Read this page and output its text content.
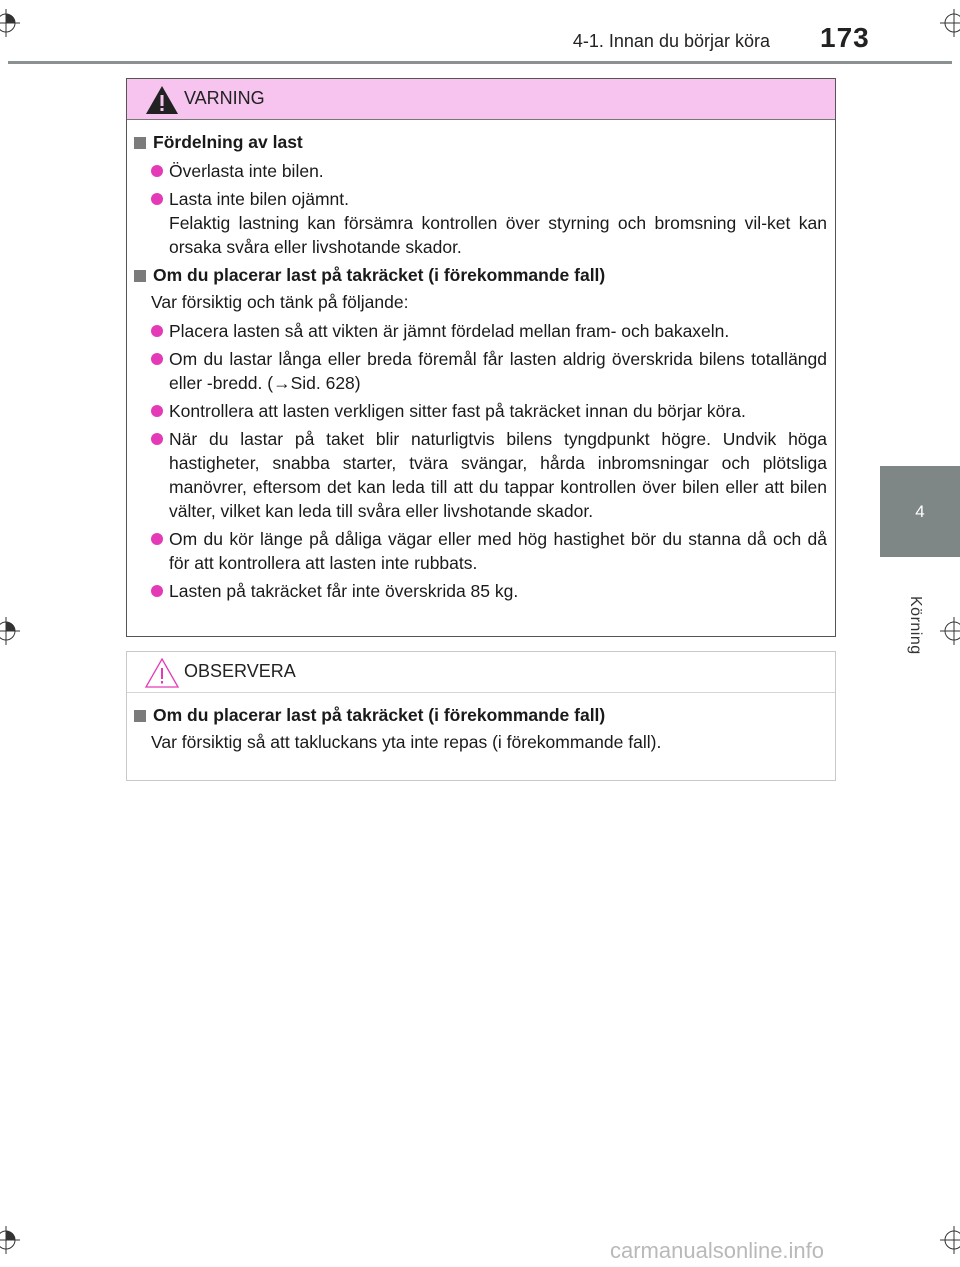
4-1. Innan du börjar köra 173
4
Körning
VARNING
Fördelning av last

Överlasta inte bilen.

Lasta inte bilen ojämnt.

Felaktig lastning kan försämra kontrollen över styrning och bromsning vil-ket kan orsaka svåra eller livshotande skador.

Om du placerar last på takräcket (i förekommande fall)
Var försiktig och tänk på följande:

Placera lasten så att vikten är jämnt fördelad mellan fram- och bakaxeln.

Om du lastar långa eller breda föremål får lasten aldrig överskrida bilens totallängd eller -bredd. (→Sid. 628)

Kontrollera att lasten verkligen sitter fast på takräcket innan du börjar köra.

När du lastar på taket blir naturligtvis bilens tyngdpunkt högre. Undvik höga hastigheter, snabba starter, tvära svängar, hårda inbromsningar och plötsliga manövrer, eftersom det kan leda till att du tappar kontrollen över bilen eller att bilen välter, vilket kan leda till svåra eller livshotande skador.

Om du kör länge på dåliga vägar eller med hög hastighet bör du stanna då och då för att kontrollera att lasten inte rubbats.

Lasten på takräcket får inte överskrida 85 kg.

OBSERVERA
Om du placerar last på takräcket (i förekommande fall)
Var försiktig så att takluckans yta inte repas (i förekommande fall).
carmanualsonline.info
